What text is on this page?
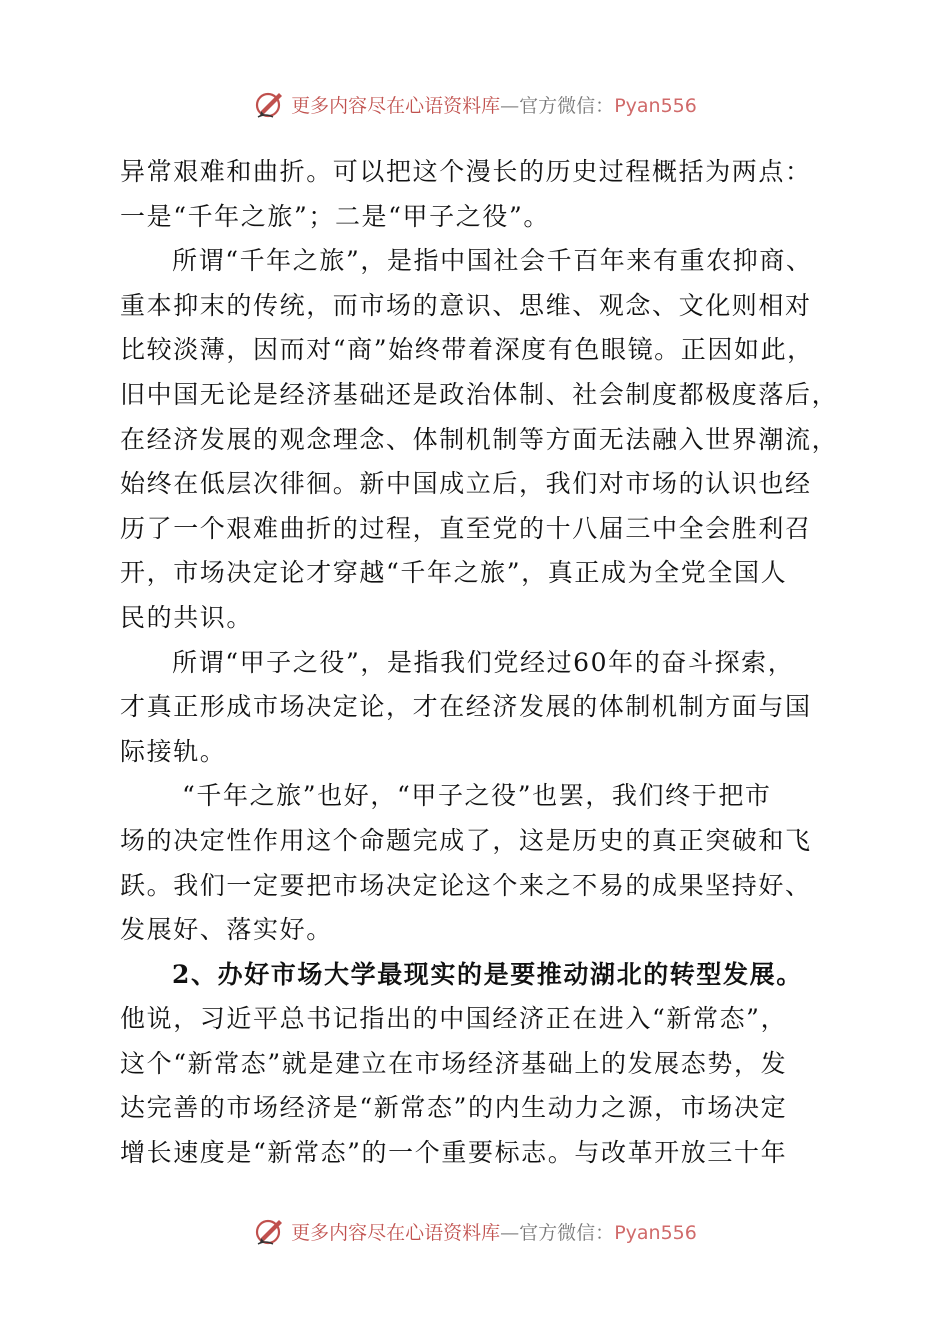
更多内容尽在心语资料库—官方微信：Pyan556
异常艰难和曲折。可以把这个漫长的历史过程概括为两点：
一是“千年之旅”；二是“甲子之役”。
所谓“千年之旅”，是指中国社会千百年来有重农抑商、
重本抑末的传统，而市场的意识、思维、观念、文化则相对
比较淡薄，因而对“商”始终带着深度有色眼镜。正因如此，
旧中国无论是经济基础还是政治体制、社会制度都极度落后，
在经济发展的观念理念、体制机制等方面无法融入世界潮流，
始终在低层次徘徊。新中国成立后，我们对市场的认识也经
历了一个艰难曲折的过程，直至党的十八届三中全会胜利召
开，市场决定论才穿越“千年之旅”，真正成为全党全国人
民的共识。
所谓“甲子之役”，是指我们党经过60年的奋斗探索，
才真正形成市场决定论，才在经济发展的体制机制方面与国
际接轨。
“千年之旅”也好，“甲子之役”也罢，我们终于把市
场的决定性作用这个命题完成了，这是历史的真正突破和飞
跃。我们一定要把市场决定论这个来之不易的成果坚持好、
发展好、落实好。
2、办好市场大学最现实的是要推动湖北的转型发展。
他说，习近平总书记指出的中国经济正在进入“新常态”，
这个“新常态”就是建立在市场经济基础上的发展态势，发
达完善的市场经济是“新常态”的内生动力之源，市场决定
增长速度是“新常态”的一个重要标志。与改革开放三十年
更多内容尽在心语资料库—官方微信：Pyan556
